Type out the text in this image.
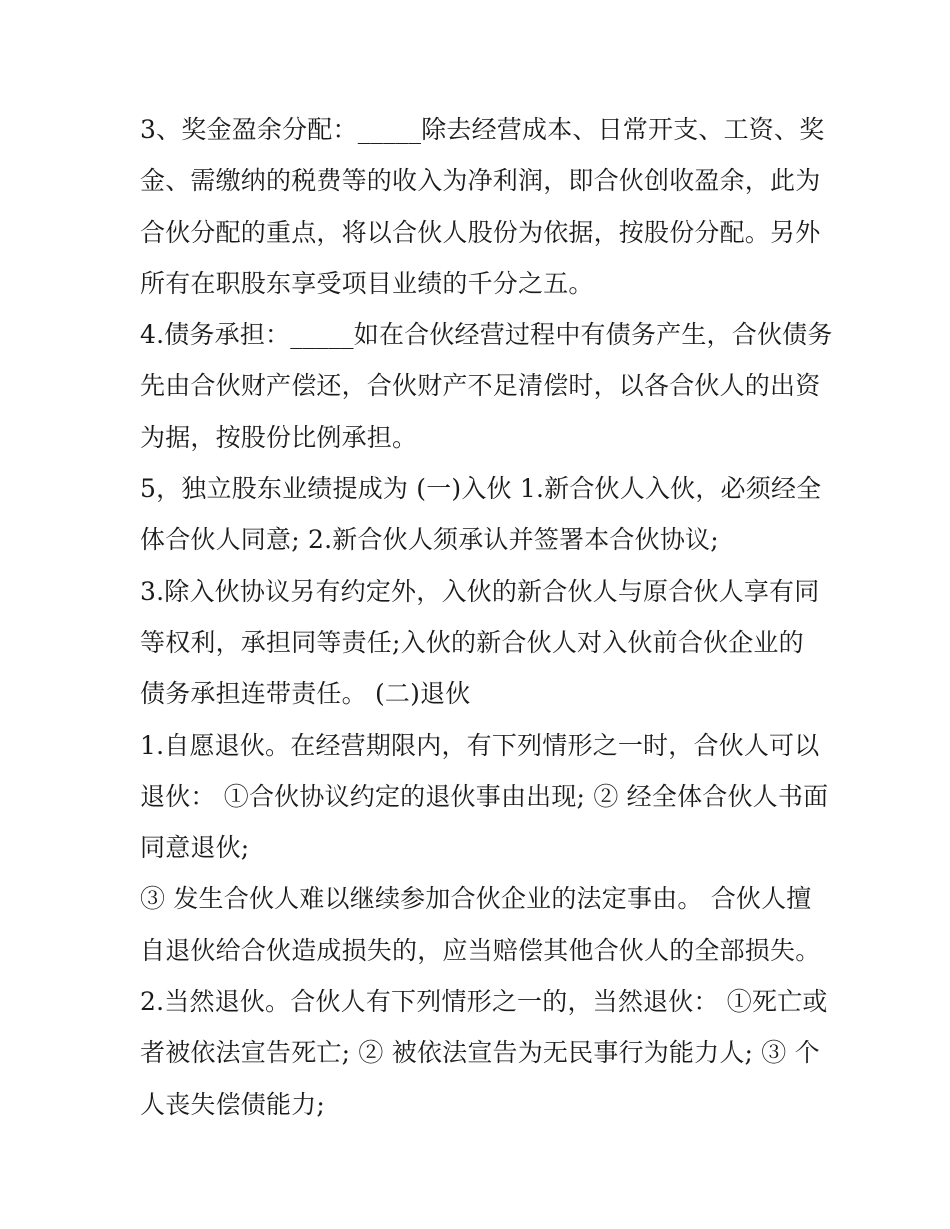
3、奖金盈余分配：_____除去经营成本、日常开支、工资、奖
金、需缴纳的税费等的收入为净利润，即合伙创收盈余，此为
合伙分配的重点，将以合伙人股份为依据，按股份分配。另外
所有在职股东享受项目业绩的千分之五。
4.债务承担：_____如在合伙经营过程中有债务产生，合伙债务
先由合伙财产偿还，合伙财产不足清偿时，以各合伙人的出资
为据，按股份比例承担。
5，独立股东业绩提成为 (一)入伙 1.新合伙人入伙，必须经全
体合伙人同意; 2.新合伙人须承认并签署本合伙协议;
3.除入伙协议另有约定外，入伙的新合伙人与原合伙人享有同
等权利，承担同等责任;入伙的新合伙人对入伙前合伙企业的
债务承担连带责任。 (二)退伙
1.自愿退伙。在经营期限内，有下列情形之一时，合伙人可以
退伙： ①合伙协议约定的退伙事由出现; ② 经全体合伙人书面
同意退伙;
③ 发生合伙人难以继续参加合伙企业的法定事由。 合伙人擅
自退伙给合伙造成损失的，应当赔偿其他合伙人的全部损失。
2.当然退伙。合伙人有下列情形之一的，当然退伙： ①死亡或
者被依法宣告死亡; ② 被依法宣告为无民事行为能力人; ③ 个
人丧失偿债能力;
